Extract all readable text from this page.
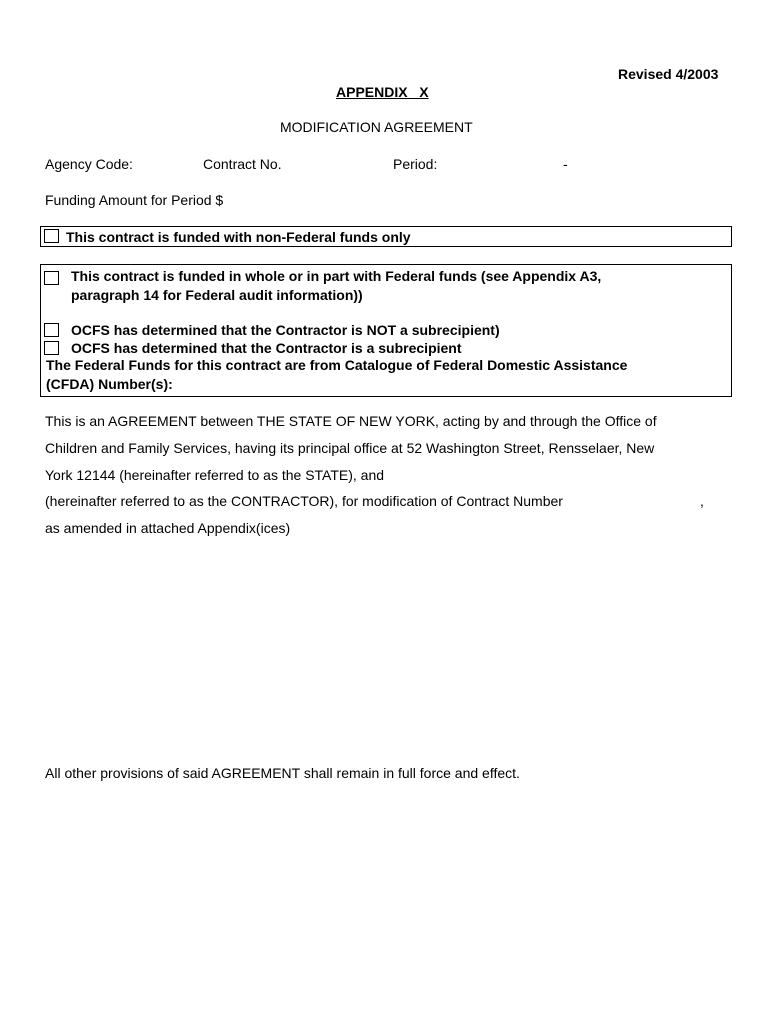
Revised 4/2003
APPENDIX   X
MODIFICATION AGREEMENT
Agency Code:	Contract No.	Period:	-
Funding Amount for Period $
This contract is funded with non-Federal funds only
This contract is funded in whole or in part with Federal funds (see Appendix A3,
paragraph 14 for Federal audit information))
OCFS has determined that the Contractor is NOT a subrecipient)
OCFS has determined that the Contractor is a subrecipient
The Federal Funds for this contract are from Catalogue of Federal Domestic Assistance
(CFDA) Number(s):
This is an AGREEMENT between THE STATE OF NEW YORK, acting by and through the Office of
Children and Family Services, having its principal office at 52 Washington Street, Rensselaer, New
York 12144 (hereinafter referred to as the STATE), and
(hereinafter referred to as the CONTRACTOR), for modification of Contract Number	,
as amended in attached Appendix(ices)
All other provisions of said AGREEMENT shall remain in full force and effect.
